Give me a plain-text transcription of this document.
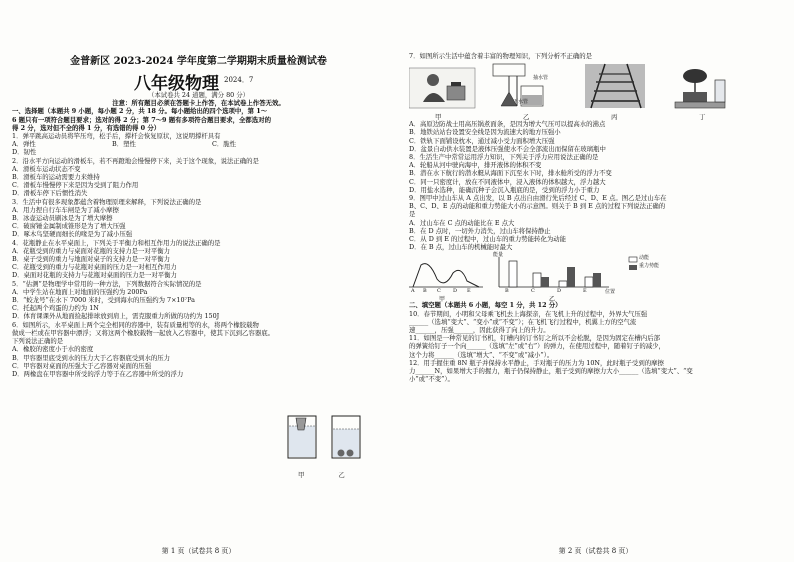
金普新区 2023-2024 学年度第二学期期末质量检测试卷
八年级物理 2024．7
（本试卷共 24 道题，满分 80 分）
注意：所有题目必须在答题卡上作答，在本试卷上作答无效。
一、选择题（本题共 9 小题，每小题 2 分，共 18 分。每小题给出的四个选项中，第 1～
6 题只有一项符合题目要求；选对的得 2 分；第 7～9 题有多项符合题目要求，全都选对的
得 2 分，选对但不全的得 1 分，有选错的得 0 分）
1．弹平跳高运动员将竿压弯，松手后，撑杆会恢复原状，这说明撑杆具有
A．弹性	B．塑性	C．脆性
D．韧性
2．沿水平方向运动的滑板车，若不再蹬地会慢慢停下来，关于这个现象，说法正确的是
A．滑板车运动状态不变
B．滑板车的运动需要力来维持
C．滑板车慢慢停下来是因为受到了阻力作用
D．滑板车停下后惯性消失
3．生活中有很多现象都蕴含着物理原理来解释，下列说法正确的是
A．用力捏自行车车闸是为了减小摩擦
B．冰壶运动员刷冰是为了增大摩擦
C．破窗锤金属制成锥形是为了增大压强
D．啄木鸟坚硬而细长的喙是为了减小压强
4．花瓶静止在水平桌面上，下列关于平衡力和相互作用力的说法正确的是
A．花瓶受到的重力与桌面对花瓶的支持力是一对平衡力
B．桌子受到的重力与地面对桌子的支持力是一对平衡力
C．花瓶受到的重力与花瓶对桌面的压力是一对相互作用力
D．桌面对花瓶的支持力与花瓶对桌面的压力是一对平衡力
5．“估测”是物理学中常用的一种方法，下列数据符合实际情况的是
A．中学生站在地面上对地面的压强约为 200Pa
B．“蛟龙号”在水下 7000 米时，受到海水的压强约为 7×10⁷Pa
C．托起两个鸡蛋的力约为 1N
D．体育课课外从地面捡起排球放到肩上，需克服重力所做的功约为 150J
6．如图所示，水平桌面上两个完全相同的容器中，装有质量相等的水，将两个橡胶载物
做成一栏或在甲容器中漂浮；又将这两个橡胶载物一起放入乙容器中，使其下沉到乙容器底。
下列说法正确的是
A．橡胶的密度小于水的密度
B．甲容器里底受到水的压力大于乙容器底受到水的压力
C．甲容器对桌面的压强大于乙容器对桌面的压强
D．两橡盘在甲容器中所受的浮力等于在乙容器中所受的浮力
甲	乙
第 1 页（试卷共 8 页）
7．如图所示生活中蕴含着丰富的物理知识，下列分析不正确的是
抽水管
下水管
甲	乙	丙	丁
A．高原边防战士用高压锅煮面条，是因为增大气压可以提高水的沸点
B．地铁站站台设置安全线是因为流速大的地方压强小
C．铁轨下面铺设枕木，通过减小受力面积增大压强
D．盆景自动供水装置是液体压强使水不会全部流出而保留在玻璃瓶中
8．生活生产中常常运用浮力知识，下列关于浮力应用说法正确的是
A．轮船从河中驶向海中，排开液体的体积不变
B．潜在水下航行的潜水艇从海面下沉至水下时，排水舱所受的浮力不变
C．同一只密度计，放在不同液体中，浸入液体的体积越大，浮力越大
D．用盐水选种，能确沉种子会沉入瓶底的是，受到的浮力小于重力
9．图甲中过山车从 A 点出发，以 B 点出自由滑行先后经过 C、D、E 点。图乙是过山车在
B、C、D、E 点的动能和重力势能大小的示意图。则关于 B 到 E 点的过程下列说法正确的
是
A．过山车在 C 点的动能比在 E 点大
B．在 D 点时，一切外力消失，过山车将保持静止
C．从 D 到 E 的过程中，过山车的重力势能转化为动能
D．在 B 点，过山车的机械能时最大
能量	动能
重力势能
B	C	D	E	位置
A	B	C	D	E
甲	乙
二、填空题（本题共 6 小题，每空 1 分，共 12 分）
10．春节期间，小明和父母乘飞机去上海探亲，在飞机上升的过程中，外界大气压强
______（选填“变大”、“变小”或“不变”）；在飞机飞行过程中，机翼上方的空气流
速______，压强______，因此获得了向上的升力。
11．如图是一种常见的订书机，钉槽内的订书钉之所以不会松脱，是因为固定在槽内后部
的弹簧给钉子一个向______（选填“左”或“右”）的弹力，在使用过程中，随着钉子的减少，
这个力将______（选填“增大”、“不变”或“减小”）。
12．用手握住重 8N 瓶子并保持水平静止，手对瓶子的压力为 10N，此时瓶子受到的摩擦
力______N，如果增大手的握力，瓶子仍保持静止，瓶子受到的摩擦力大小______（选填“变大”、“变
小”或“不变”）。
第 2 页（试卷共 8 页）
